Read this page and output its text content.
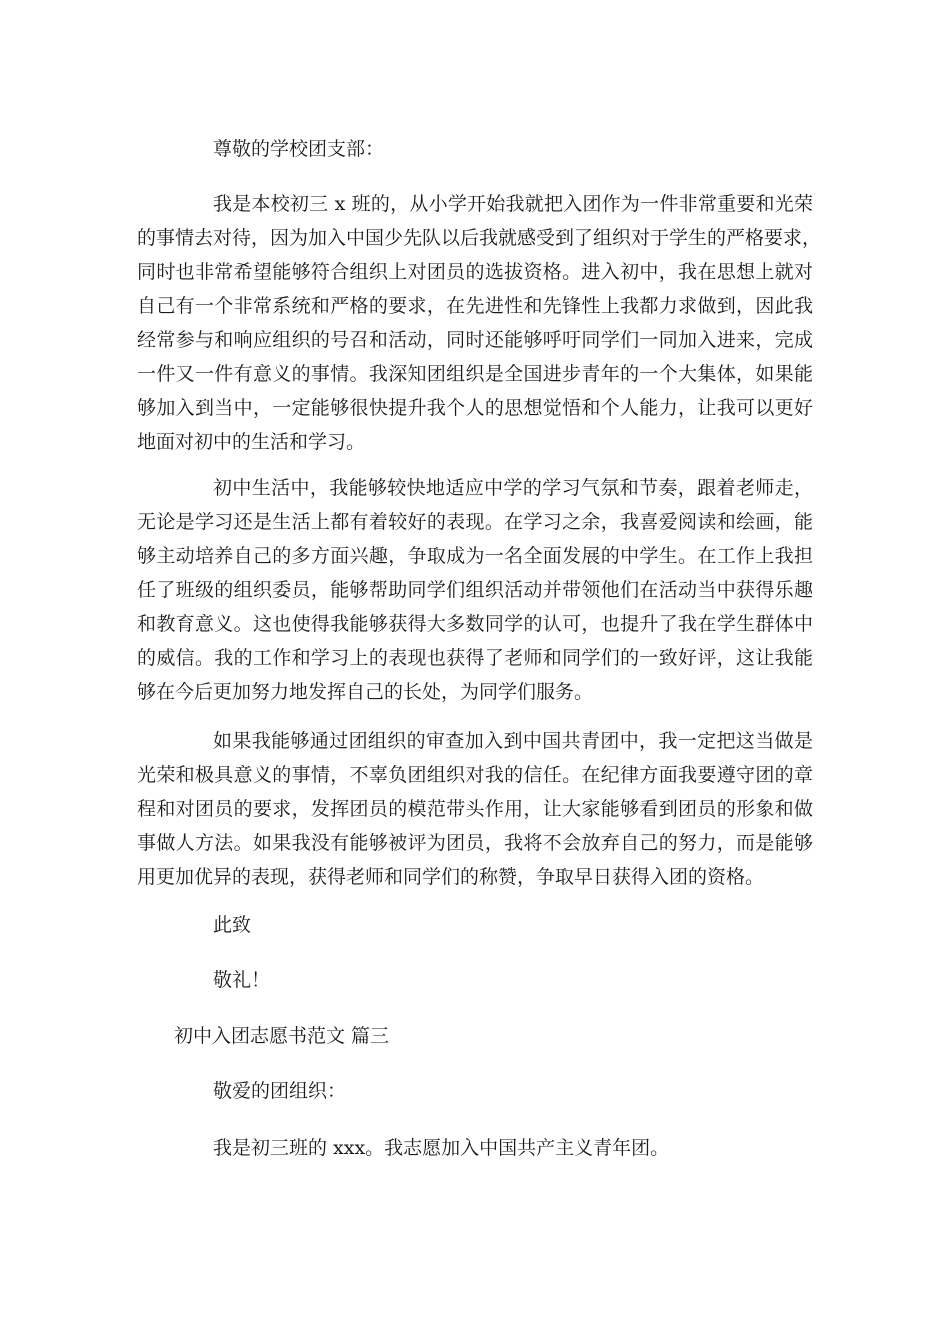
尊敬的学校团支部：
我是本校初三 x 班的，从小学开始我就把入团作为一件非常重要和光荣
的事情去对待，因为加入中国少先队以后我就感受到了组织对于学生的严格要求，
同时也非常希望能够符合组织上对团员的选拔资格。进入初中，我在思想上就对
自己有一个非常系统和严格的要求，在先进性和先锋性上我都力求做到，因此我
经常参与和响应组织的号召和活动，同时还能够呼吁同学们一同加入进来，完成
一件又一件有意义的事情。我深知团组织是全国进步青年的一个大集体，如果能
够加入到当中，一定能够很快提升我个人的思想觉悟和个人能力，让我可以更好
地面对初中的生活和学习。
初中生活中，我能够较快地适应中学的学习气氛和节奏，跟着老师走，
无论是学习还是生活上都有着较好的表现。在学习之余，我喜爱阅读和绘画，能
够主动培养自己的多方面兴趣，争取成为一名全面发展的中学生。在工作上我担
任了班级的组织委员，能够帮助同学们组织活动并带领他们在活动当中获得乐趣
和教育意义。这也使得我能够获得大多数同学的认可，也提升了我在学生群体中
的威信。我的工作和学习上的表现也获得了老师和同学们的一致好评，这让我能
够在今后更加努力地发挥自己的长处，为同学们服务。
如果我能够通过团组织的审查加入到中国共青团中，我一定把这当做是
光荣和极具意义的事情，不辜负团组织对我的信任。在纪律方面我要遵守团的章
程和对团员的要求，发挥团员的模范带头作用，让大家能够看到团员的形象和做
事做人方法。如果我没有能够被评为团员，我将不会放弃自己的努力，而是能够
用更加优异的表现，获得老师和同学们的称赞，争取早日获得入团的资格。
此致
敬礼！
初中入团志愿书范文 篇三
敬爱的团组织：
我是初三班的 xxx。我志愿加入中国共产主义青年团。
